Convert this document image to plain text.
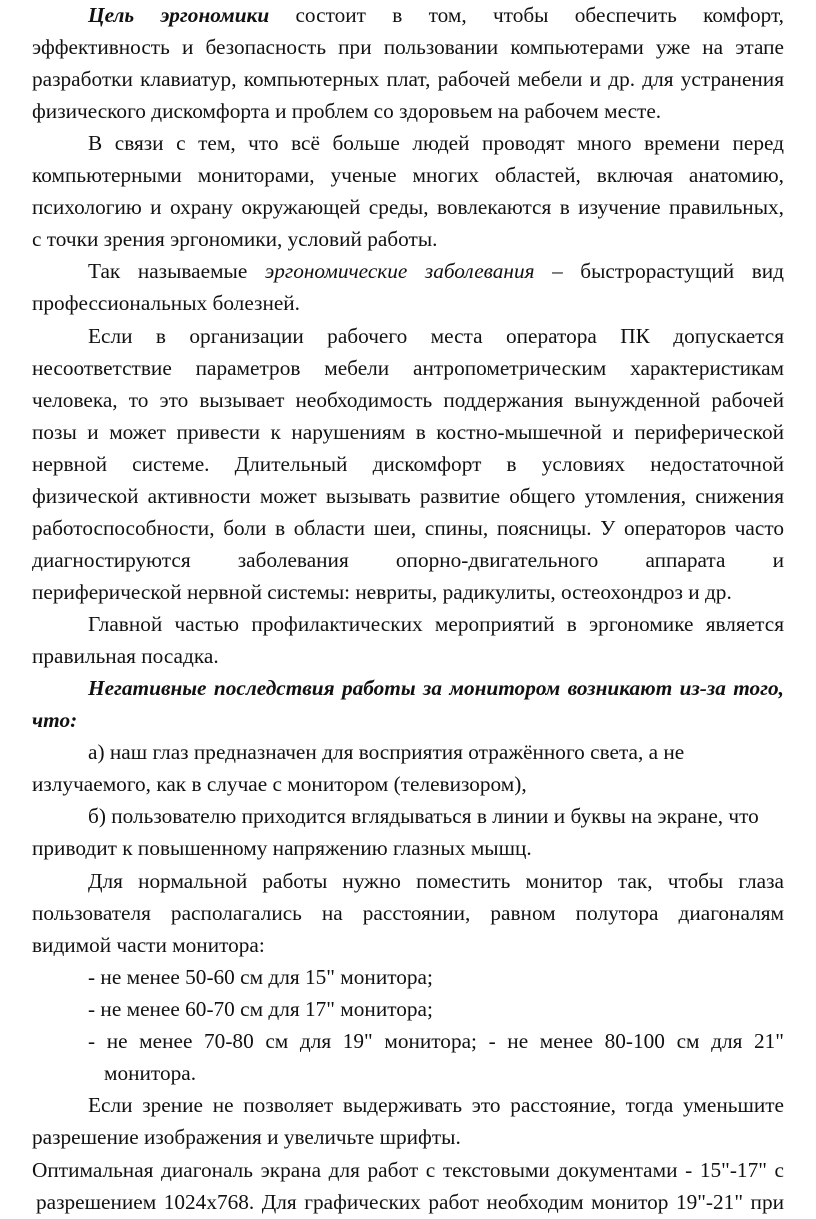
Цель эргономики состоит в том, чтобы обеспечить комфорт,

эффективность и безопасность при пользовании компьютерами уже на этапе

разработки клавиатур, компьютерных плат, рабочей мебели и др. для устранения

физического дискомфорта и проблем со здоровьем на рабочем месте.

В связи с тем, что всё больше людей проводят много времени перед

компьютерными мониторами, ученые многих областей, включая анатомию,

психологию и охрану окружающей среды, вовлекаются в изучение правильных,

с точки зрения эргономики, условий работы.

Так называемые эргономические заболевания – быстрорастущий вид

профессиональных болезней.

Если в организации рабочего места оператора ПК допускается

несоответствие параметров мебели антропометрическим характеристикам

человека, то это вызывает необходимость поддержания вынужденной рабочей

позы и может привести к нарушениям в костно-мышечной и периферической

нервной системе. Длительный дискомфорт в условиях недостаточной

физической активности может вызывать развитие общего утомления, снижения

работоспособности, боли в области шеи, спины, поясницы. У операторов часто

диагностируются заболевания опорно-двигательного аппарата и

периферической нервной системы: невриты, радикулиты, остеохондроз и др.

Главной частью профилактических мероприятий в эргономике является

правильная посадка.

Негативные последствия работы за монитором возникают из-за того,

что:

а) наш глаз предназначен для восприятия отражённого света, а не

излучаемого, как в случае с монитором (телевизором),

б) пользователю приходится вглядываться в линии и буквы на экране, что

приводит к повышенному напряжению глазных мышц.

Для нормальной работы нужно поместить монитор так, чтобы глаза

пользователя располагались на расстоянии, равном полутора диагоналям

видимой части монитора:

- не менее 50-60 см для 15" монитора;

- не менее 60-70 см для 17" монитора;

- не менее 70-80 см для 19" монитора; - не менее 80-100 см для 21"

монитора.

Если зрение не позволяет выдерживать это расстояние, тогда уменьшите

разрешение изображения и увеличьте шрифты.

Оптимальная диагональ экрана для работ с текстовыми документами - 15"-17" с

разрешением 1024x768. Для графических работ необходим монитор 19"-21" при
